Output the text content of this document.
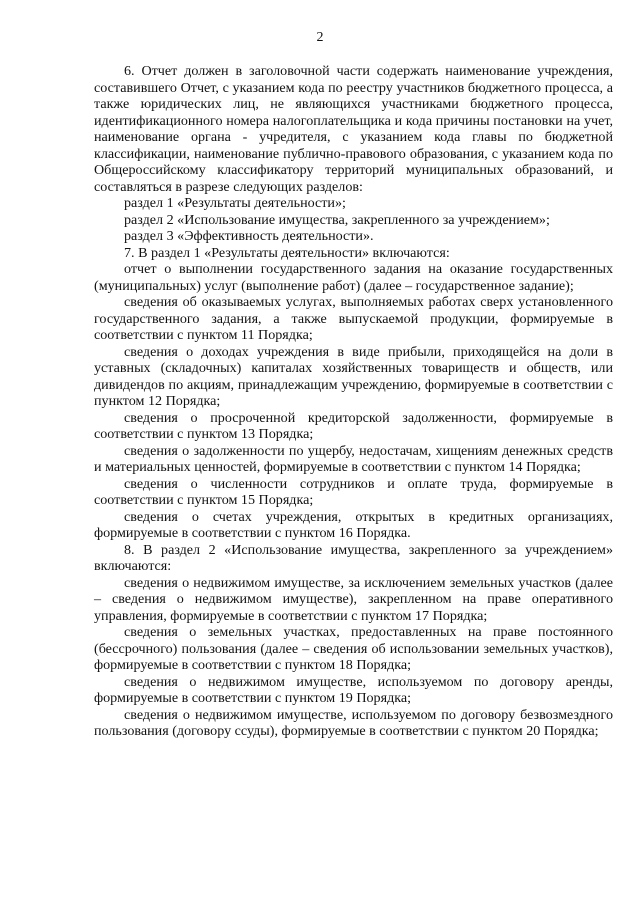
2

6. Отчет должен в заголовочной части содержать наименование учреждения, составившего Отчет, с указанием кода по реестру участников бюджетного процесса, а также юридических лиц, не являющихся участниками бюджетного процесса, идентификационного номера налогоплательщика и кода причины постановки на учет, наименование органа - учредителя, с указанием кода главы по бюджетной классификации, наименование публично-правового образования, с указанием кода по Общероссийскому классификатору территорий муниципальных образований, и составляться в разрезе следующих разделов:

раздел 1 «Результаты деятельности»;

раздел 2 «Использование имущества, закрепленного за учреждением»;

раздел 3 «Эффективность деятельности».

7. В раздел 1 «Результаты деятельности» включаются:

отчет о выполнении государственного задания на оказание государственных (муниципальных) услуг (выполнение работ) (далее – государственное задание);

сведения об оказываемых услугах, выполняемых работах сверх установленного государственного задания, а также выпускаемой продукции, формируемые в соответствии с пунктом 11 Порядка;

сведения о доходах учреждения в виде прибыли, приходящейся на доли в уставных (складочных) капиталах хозяйственных товариществ и обществ, или дивидендов по акциям, принадлежащим учреждению, формируемые в соответствии с пунктом 12 Порядка;

сведения о просроченной кредиторской задолженности, формируемые в соответствии с пунктом 13 Порядка;

сведения о задолженности по ущербу, недостачам, хищениям денежных средств и материальных ценностей, формируемые в соответствии с пунктом 14 Порядка;

сведения о численности сотрудников и оплате труда, формируемые в соответствии с пунктом 15 Порядка;

сведения о счетах учреждения, открытых в кредитных организациях, формируемые в соответствии с пунктом 16 Порядка.

8. В раздел 2 «Использование имущества, закрепленного за учреждением» включаются:

сведения о недвижимом имуществе, за исключением земельных участков (далее – сведения о недвижимом имуществе), закрепленном на праве оперативного управления, формируемые в соответствии с пунктом 17 Порядка;

сведения о земельных участках, предоставленных на праве постоянного (бессрочного) пользования (далее – сведения об использовании земельных участков), формируемые в соответствии с пунктом 18 Порядка;

сведения о недвижимом имуществе, используемом по договору аренды, формируемые в соответствии с пунктом 19 Порядка;

сведения о недвижимом имуществе, используемом по договору безвозмездного пользования (договору ссуды), формируемые в соответствии с пунктом 20 Порядка;
